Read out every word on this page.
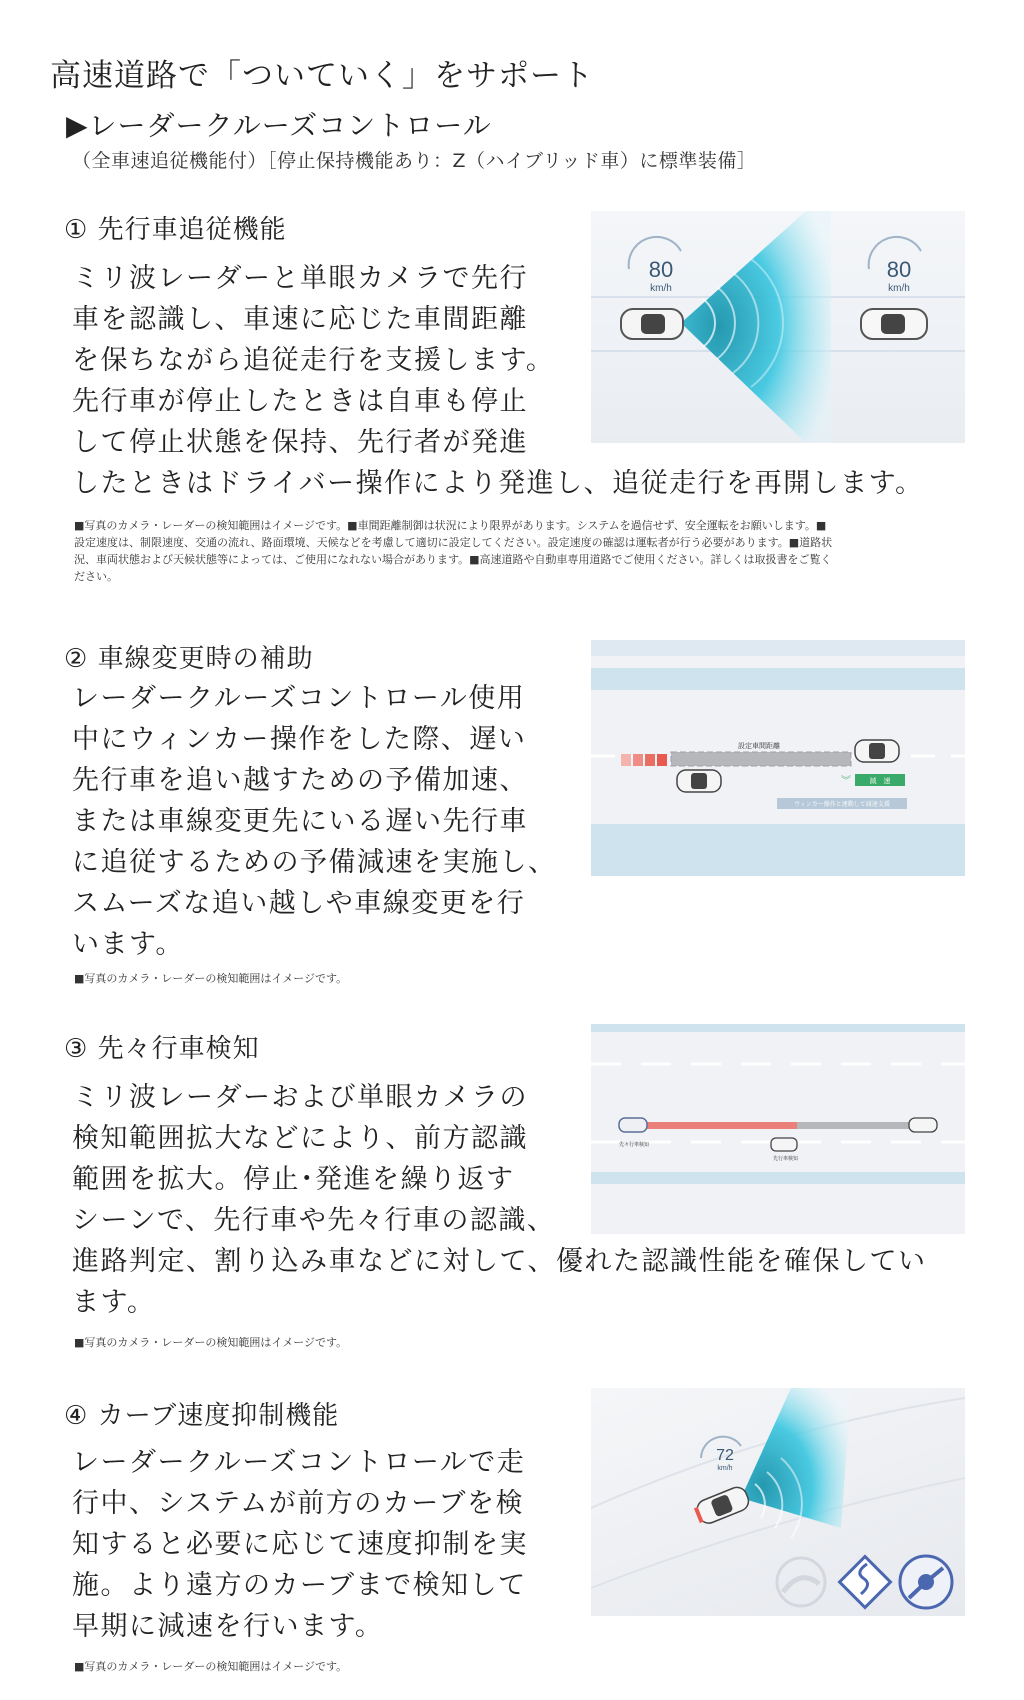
高速道路で「ついていく」をサポート
▶レーダークルーズコントロール
（全車速追従機能付）［停止保持機能あり：Z（ハイブリッド車）に標準装備］
① 先行車追従機能
ミリ波レーダーと単眼カメラで先行
車を認識し、車速に応じた車間距離
を保ちながら追従走行を支援します。
先行車が停止したときは自車も停止
して停止状態を保持、先行者が発進
したときはドライバー操作により発進し、追従走行を再開します。
■写真のカメラ・レーダーの検知範囲はイメージです。■車間距離制御は状況により限界があります。システムを過信せず、安全運転をお願いします。■
設定速度は、制限速度、交通の流れ、路面環境、天候などを考慮して適切に設定してください。設定速度の確認は運転者が行う必要があります。■道路状
況、車両状態および天候状態等によっては、ご使用になれない場合があります。■高速道路や自動車専用道路でご使用ください。詳しくは取扱書をご覧く
ださい。
80
km/h
80
km/h
② 車線変更時の補助
レーダークルーズコントロール使用
中にウィンカー操作をした際、遅い
先行車を追い越すための予備加速、
または車線変更先にいる遅い先行車
に追従するための予備減速を実施し、
スムーズな追い越しや車線変更を行
います。
■写真のカメラ・レーダーの検知範囲はイメージです。
設定車間距離
減　速
︾
ウィンカー操作と連動して減速支援
③ 先々行車検知
ミリ波レーダーおよび単眼カメラの
検知範囲拡大などにより、前方認識
範囲を拡大。停止･発進を繰り返す
シーンで、先行車や先々行車の認識、
進路判定、割り込み車などに対して、優れた認識性能を確保してい
ます。
■写真のカメラ・レーダーの検知範囲はイメージです。
先々行車検知
先行車検知
④ カーブ速度抑制機能
レーダークルーズコントロールで走
行中、システムが前方のカーブを検
知すると必要に応じて速度抑制を実
施。より遠方のカーブまで検知して
早期に減速を行います。
■写真のカメラ・レーダーの検知範囲はイメージです。
72
km/h
